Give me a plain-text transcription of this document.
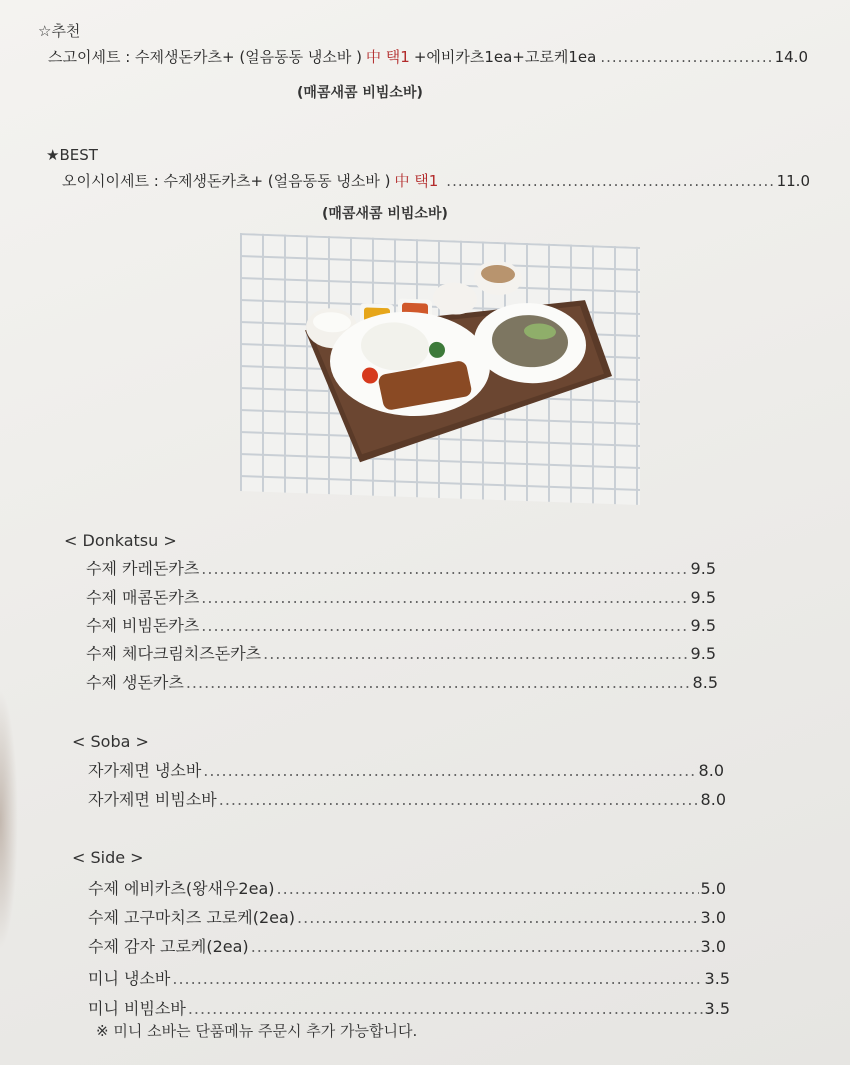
☆추천
스고이세트 : 수제생돈카츠+ (얼음동동 냉소바 ) 中 택1 +에비카츠1ea+고로케1ea .....	14.0
(매콤새콤 비빔소바)
★BEST
오이시이세트 : 수제생돈카츠+ (얼음동동 냉소바 ) 中 택1 .....	11.0
(매콤새콤 비빔소바)
< Donkatsu >
수제 카레돈카츠 .....	9.5
수제 매콤돈카츠 .....	9.5
수제 비빔돈카츠 .....	9.5
수제 체다크림치즈돈카츠 .....	9.5
수제 생돈카츠 .....	8.5
< Soba >
자가제면 냉소바 .....	8.0
자가제면 비빔소바 .....	8.0
< Side >
수제 에비카츠(왕새우2ea) .....	5.0
수제 고구마치즈 고로케(2ea) .....	3.0
수제 감자 고로케(2ea) .....	3.0
미니 냉소바 .....	3.5
미니 비빔소바 .....	3.5
※ 미니 소바는 단품메뉴 주문시 추가 가능합니다.
